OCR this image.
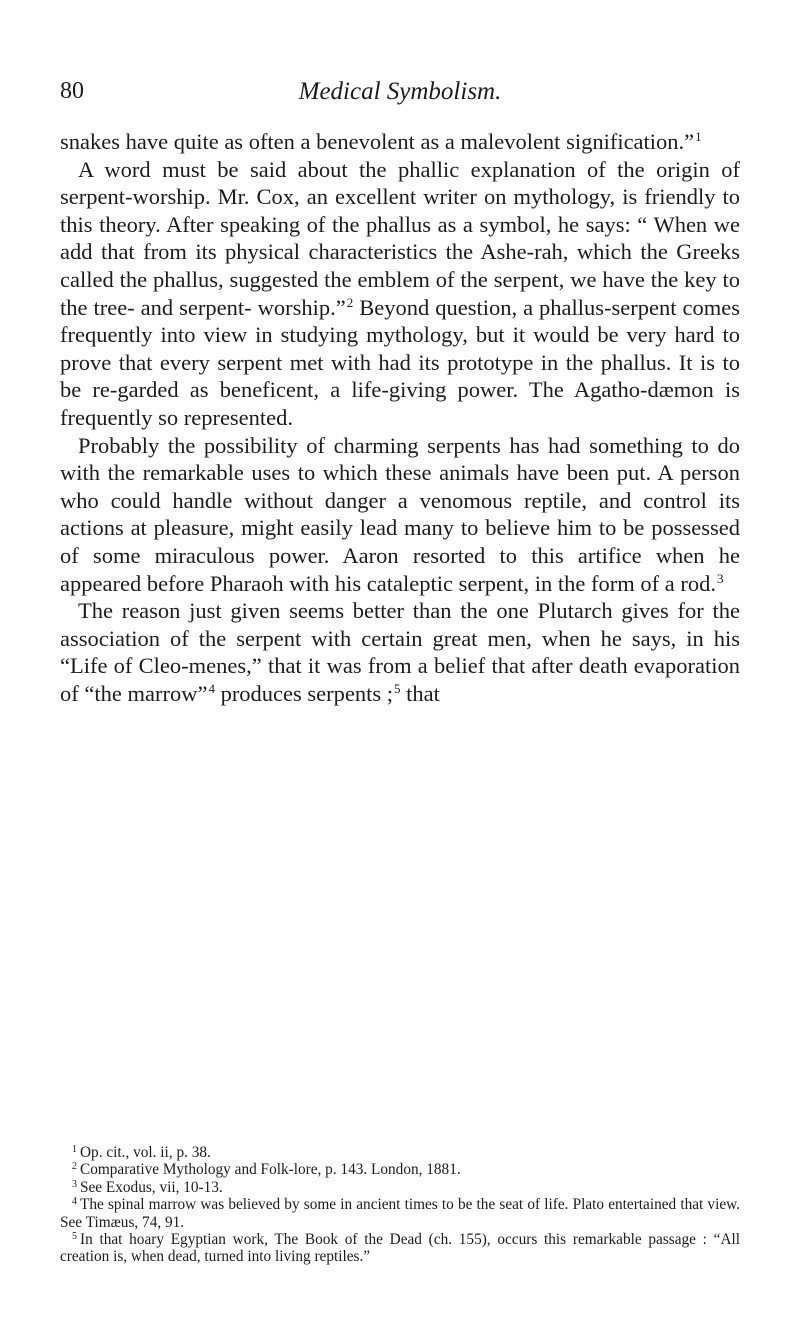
80	Medical Symbolism.

snakes have quite as often a benevolent as a malevolent signification.”$^1$

A word must be said about the phallic explanation of the origin of serpent-worship. Mr. Cox, an excellent writer on mythology, is friendly to this theory. After speaking of the phallus as a symbol, he says: “ When we add that from its physical characteristics the Ashe-rah, which the Greeks called the phallus, suggested the emblem of the serpent, we have the key to the tree- and serpent- worship.”$^2$ Beyond question, a phallus-serpent comes frequently into view in studying mythology, but it would be very hard to prove that every serpent met with had its prototype in the phallus. It is to be re-garded as beneficent, a life-giving power. The Agatho-dæmon is frequently so represented.

Probably the possibility of charming serpents has had something to do with the remarkable uses to which these animals have been put. A person who could handle without danger a venomous reptile, and control its actions at pleasure, might easily lead many to believe him to be possessed of some miraculous power. Aaron resorted to this artifice when he appeared before Pharaoh with his cataleptic serpent, in the form of a rod.$^3$

The reason just given seems better than the one Plutarch gives for the association of the serpent with certain great men, when he says, in his “Life of Cleo-menes,” that it was from a belief that after death evaporation of “the marrow”$^4$ produces serpents ;$^5$ that

$^1$ Op. cit., vol. ii, p. 38.

$^2$ Comparative Mythology and Folk-lore, p. 143. London, 1881.

$^3$ See Exodus, vii, 10-13.

$^4$ The spinal marrow was believed by some in ancient times to be the seat of life. Plato entertained that view. See Timæus, 74, 91.

$^5$ In that hoary Egyptian work, The Book of the Dead (ch. 155), occurs this remarkable passage : “All creation is, when dead, turned into living reptiles.”
